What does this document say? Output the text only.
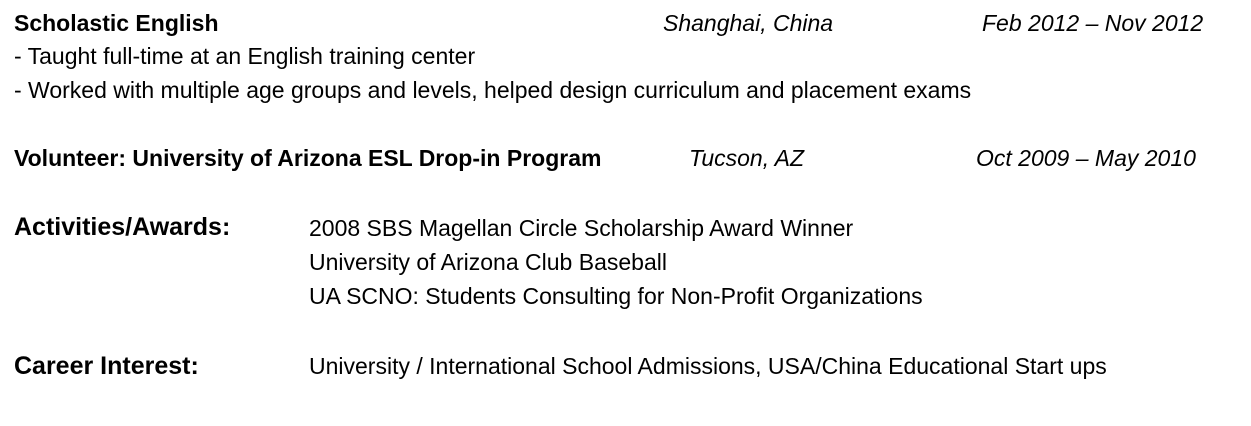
Scholastic English	Shanghai, China	Feb 2012 – Nov 2012
- Taught full-time at an English training center
- Worked with multiple age groups and levels, helped design curriculum and placement exams
Volunteer: University of Arizona ESL Drop-in Program	Tucson, AZ	Oct 2009 – May 2010
Activities/Awards:	2008 SBS Magellan Circle Scholarship Award Winner
University of Arizona Club Baseball
UA SCNO: Students Consulting for Non-Profit Organizations
Career Interest:	University / International School Admissions, USA/China Educational Start ups
